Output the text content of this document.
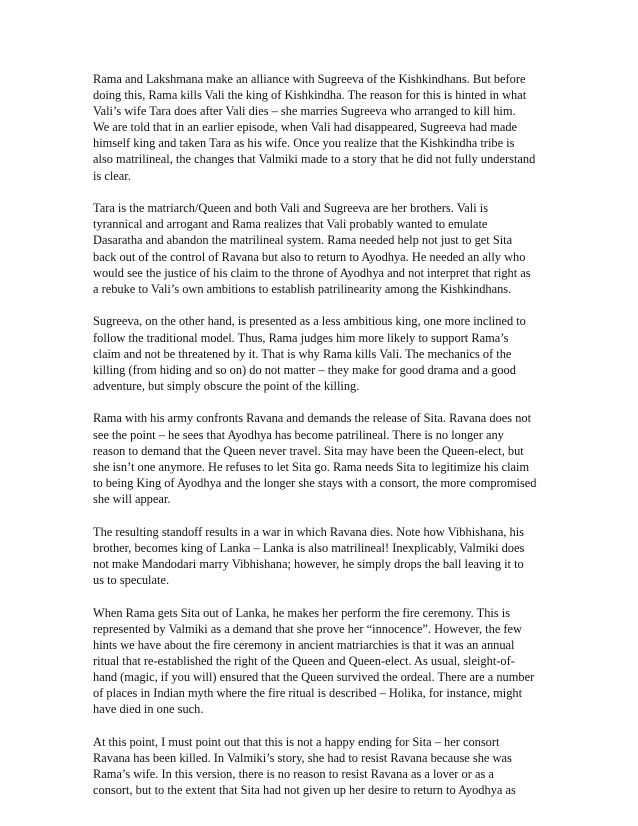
Rama and Lakshmana make an alliance with Sugreeva of the Kishkindhans. But before
doing this, Rama kills Vali the king of Kishkindha. The reason for this is hinted in what
Vali’s wife Tara does after Vali dies – she marries Sugreeva who arranged to kill him.
We are told that in an earlier episode, when Vali had disappeared, Sugreeva had made
himself king and taken Tara as his wife. Once you realize that the Kishkindha tribe is
also matrilineal, the changes that Valmiki made to a story that he did not fully understand
is clear.

Tara is the matriarch/Queen and both Vali and Sugreeva are her brothers. Vali is
tyrannical and arrogant and Rama realizes that Vali probably wanted to emulate
Dasaratha and abandon the matrilineal system. Rama needed help not just to get Sita
back out of the control of Ravana but also to return to Ayodhya. He needed an ally who
would see the justice of his claim to the throne of Ayodhya and not interpret that right as
a rebuke to Vali’s own ambitions to establish patrilinearity among the Kishkindhans.

Sugreeva, on the other hand, is presented as a less ambitious king, one more inclined to
follow the traditional model. Thus, Rama judges him more likely to support Rama’s
claim and not be threatened by it. That is why Rama kills Vali. The mechanics of the
killing (from hiding and so on) do not matter – they make for good drama and a good
adventure, but simply obscure the point of the killing.

Rama with his army confronts Ravana and demands the release of Sita. Ravana does not
see the point – he sees that Ayodhya has become patrilineal. There is no longer any
reason to demand that the Queen never travel. Sita may have been the Queen-elect, but
she isn’t one anymore. He refuses to let Sita go. Rama needs Sita to legitimize his claim
to being King of Ayodhya and the longer she stays with a consort, the more compromised
she will appear.

The resulting standoff results in a war in which Ravana dies. Note how Vibhishana, his
brother, becomes king of Lanka – Lanka is also matrilineal! Inexplicably, Valmiki does
not make Mandodari marry Vibhishana; however, he simply drops the ball leaving it to
us to speculate.

When Rama gets Sita out of Lanka, he makes her perform the fire ceremony. This is
represented by Valmiki as a demand that she prove her “innocence”. However, the few
hints we have about the fire ceremony in ancient matriarchies is that it was an annual
ritual that re-established the right of the Queen and Queen-elect. As usual, sleight-of-
hand (magic, if you will) ensured that the Queen survived the ordeal. There are a number
of places in Indian myth where the fire ritual is described – Holika, for instance, might
have died in one such.

At this point, I must point out that this is not a happy ending for Sita – her consort
Ravana has been killed. In Valmiki’s story, she had to resist Ravana because she was
Rama’s wife. In this version, there is no reason to resist Ravana as a lover or as a
consort, but to the extent that Sita had not given up her desire to return to Ayodhya as
